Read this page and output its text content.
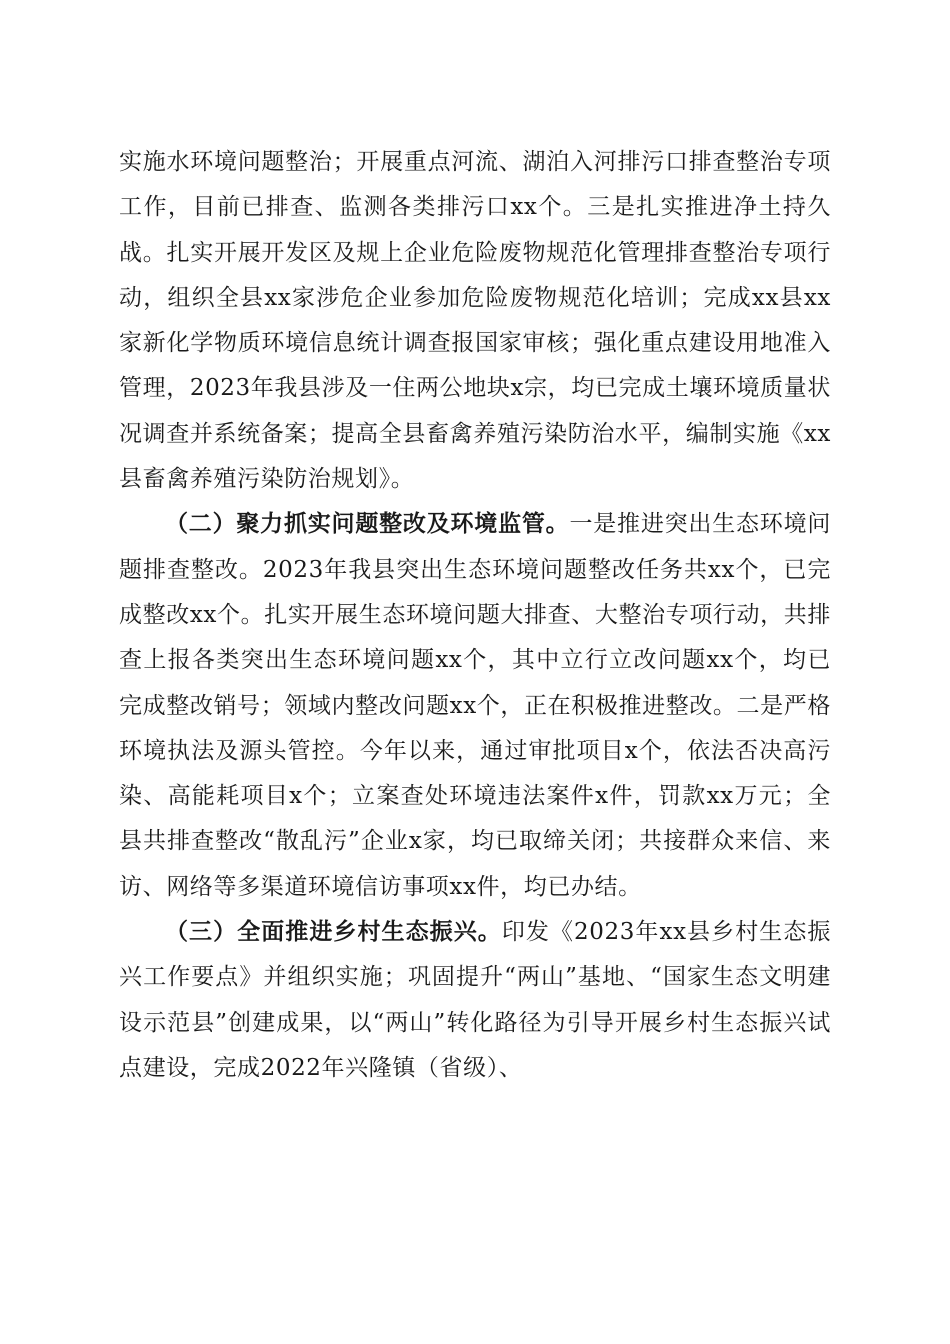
实施水环境问题整治；开展重点河流、湖泊入河排污口排查整治专项工作，目前已排查、监测各类排污口xx个。三是扎实推进净土持久战。扎实开展开发区及规上企业危险废物规范化管理排查整治专项行动，组织全县xx家涉危企业参加危险废物规范化培训；完成xx县xx家新化学物质环境信息统计调查报国家审核；强化重点建设用地准入管理，2023年我县涉及一住两公地块x宗，均已完成土壤环境质量状况调查并系统备案；提高全县畜禽养殖污染防治水平，编制实施《xx县畜禽养殖污染防治规划》。

（二）聚力抓实问题整改及环境监管。一是推进突出生态环境问题排查整改。2023年我县突出生态环境问题整改任务共xx个，已完成整改xx个。扎实开展生态环境问题大排查、大整治专项行动，共排查上报各类突出生态环境问题xx个，其中立行立改问题xx个，均已完成整改销号；领域内整改问题xx个，正在积极推进整改。二是严格环境执法及源头管控。今年以来，通过审批项目x个，依法否决高污染、高能耗项目x个；立案查处环境违法案件x件，罚款xx万元；全县共排查整改“散乱污”企业x家，均已取缔关闭；共接群众来信、来访、网络等多渠道环境信访事项xx件，均已办结。

（三）全面推进乡村生态振兴。印发《2023年xx县乡村生态振兴工作要点》并组织实施；巩固提升“两山”基地、“国家生态文明建设示范县”创建成果，以“两山”转化路径为引导开展乡村生态振兴试点建设，完成2022年兴隆镇（省级）、
